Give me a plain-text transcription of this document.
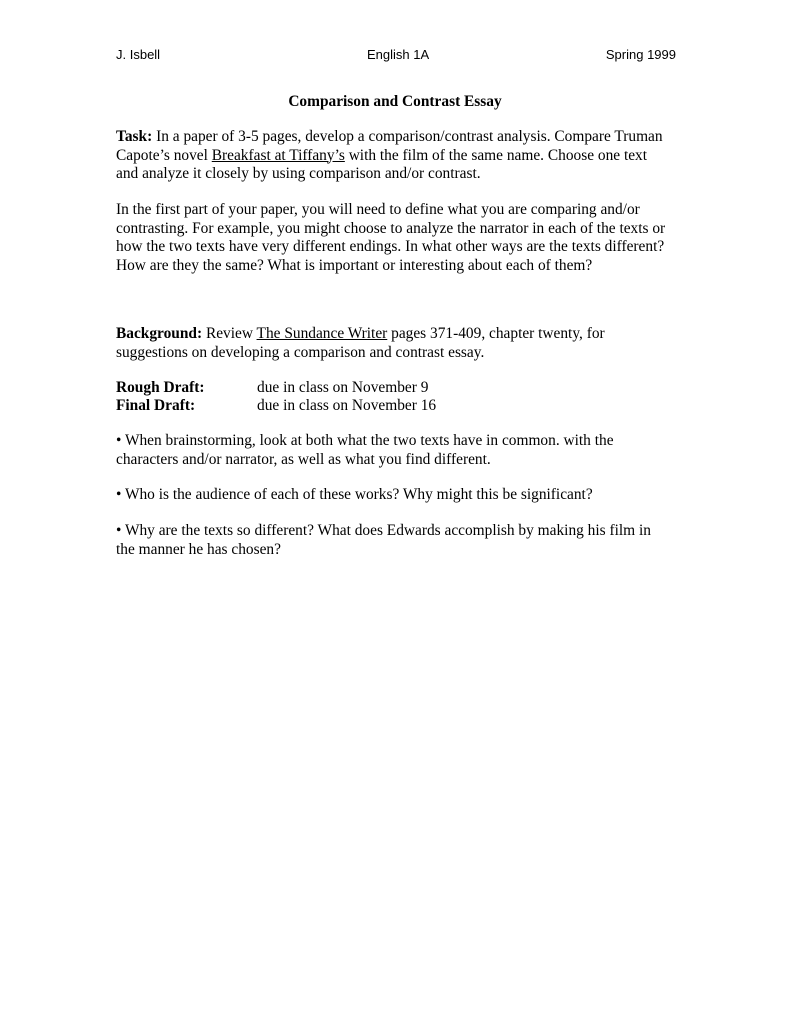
J. Isbell	English 1A	Spring 1999
Comparison and Contrast Essay

Task: In a paper of 3-5 pages, develop a comparison/contrast analysis. Compare Truman

Capote’s novel Breakfast at Tiffany’s with the film of the same name. Choose one text

and analyze it closely by using comparison and/or contrast.

In the first part of your paper, you will need to define what you are comparing and/or

contrasting. For example, you might choose to analyze the narrator in each of the texts or

how the two texts have very different endings. In what other ways are the texts different?

How are they the same? What is important or interesting about each of them?

Background: Review The Sundance Writer pages 371-409, chapter twenty, for

suggestions on developing a comparison and contrast essay.

Rough Draft:	due in class on November 9
Final Draft:	due in class on November 16

• When brainstorming, look at both what the two texts have in common. with the

characters and/or narrator, as well as what you find different.

• Who is the audience of each of these works? Why might this be significant?

• Why are the texts so different? What does Edwards accomplish by making his film in

the manner he has chosen?
